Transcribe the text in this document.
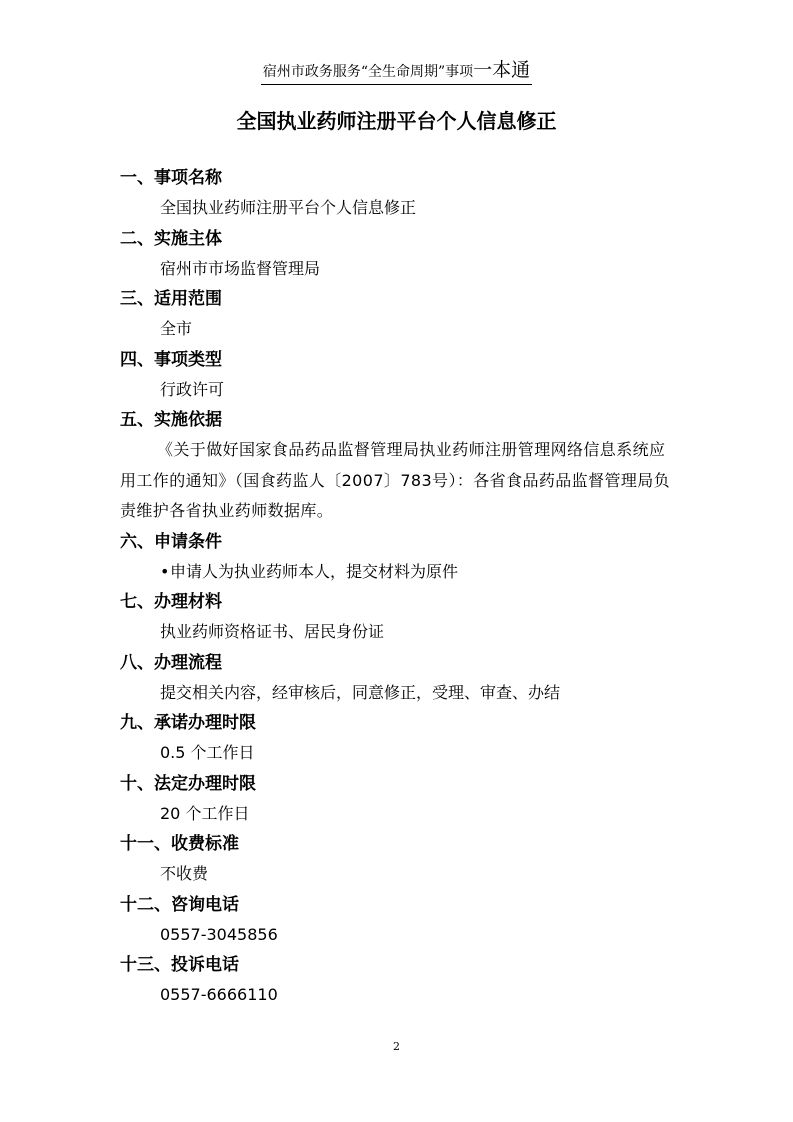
宿州市政务服务“全生命周期”事项一本通
全国执业药师注册平台个人信息修正
一、事项名称
全国执业药师注册平台个人信息修正
二、实施主体
宿州市市场监督管理局
三、适用范围
全市
四、事项类型
行政许可
五、实施依据
《关于做好国家食品药品监督管理局执业药师注册管理网络信息系统应用工作的通知》（国食药监人〔2007〕783号）：各省食品药品监督管理局负责维护各省执业药师数据库。
六、申请条件
•申请人为执业药师本人，提交材料为原件
七、办理材料
执业药师资格证书、居民身份证
八、办理流程
提交相关内容，经审核后，同意修正，受理、审查、办结
九、承诺办理时限
0.5 个工作日
十、法定办理时限
20 个工作日
十一、收费标准
不收费
十二、咨询电话
0557-3045856
十三、投诉电话
0557-6666110
2
